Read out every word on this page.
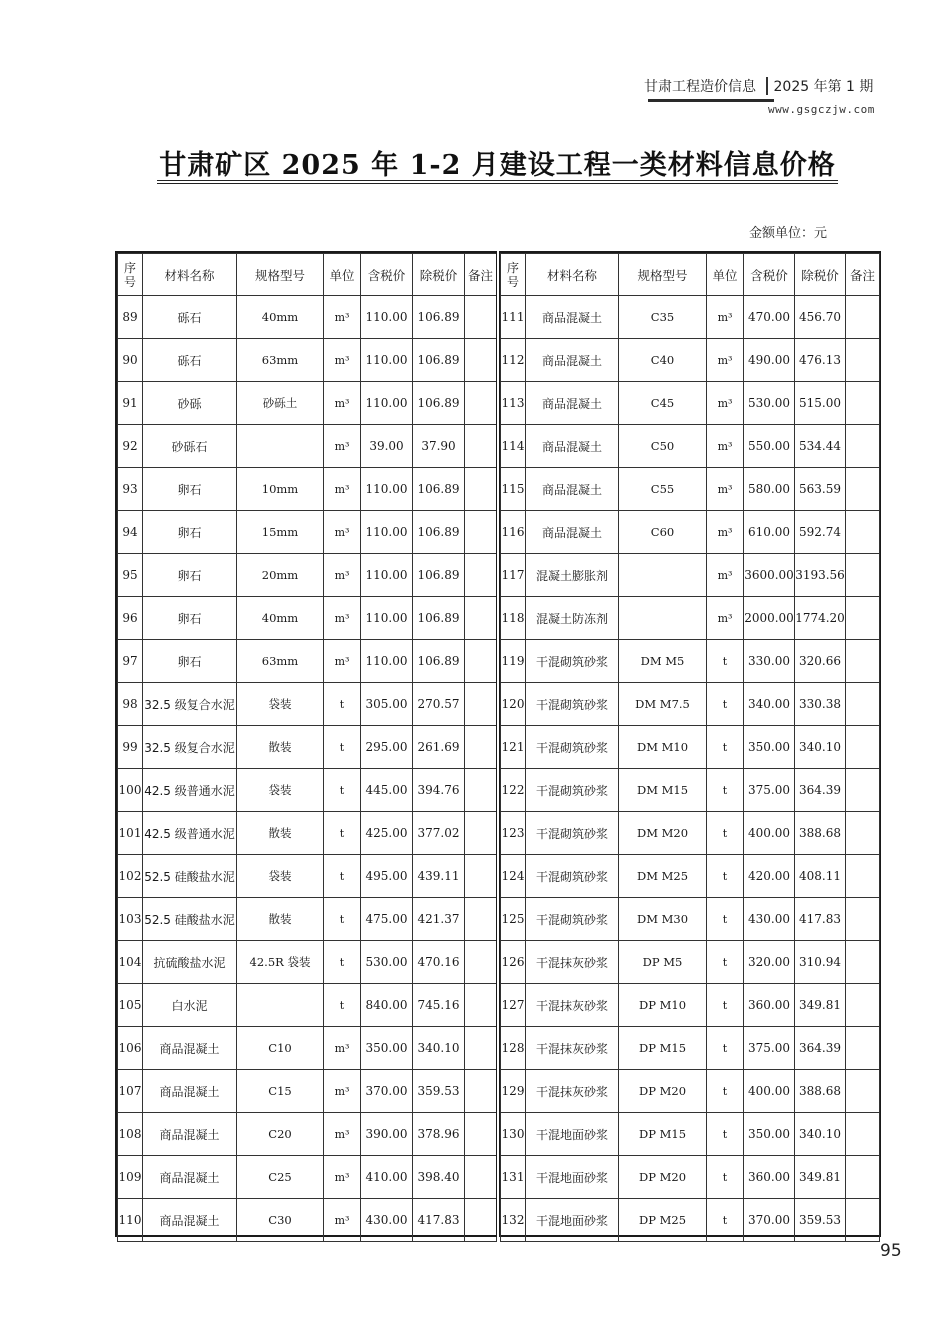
甘肃工程造价信息 2025 年第 1 期
www.gsgczjw.com
甘肃矿区 2025 年 1-2 月建设工程一类材料信息价格
金额单位：元
序
号	材料名称	规格型号	单位	含税价	除税价	备注
89	砾石	40mm	m³	110.00	106.89	
90	砾石	63mm	m³	110.00	106.89	
91	砂砾	砂砾土	m³	110.00	106.89	
92	砂砾石		m³	39.00	37.90	
93	卵石	10mm	m³	110.00	106.89	
94	卵石	15mm	m³	110.00	106.89	
95	卵石	20mm	m³	110.00	106.89	
96	卵石	40mm	m³	110.00	106.89	
97	卵石	63mm	m³	110.00	106.89	
98	32.5 级复合水泥	袋装	t	305.00	270.57	
99	32.5 级复合水泥	散装	t	295.00	261.69	
100	42.5 级普通水泥	袋装	t	445.00	394.76	
101	42.5 级普通水泥	散装	t	425.00	377.02	
102	52.5 硅酸盐水泥	袋装	t	495.00	439.11	
103	52.5 硅酸盐水泥	散装	t	475.00	421.37	
104	抗硫酸盐水泥	42.5R 袋装	t	530.00	470.16	
105	白水泥		t	840.00	745.16	
106	商品混凝土	C10	m³	350.00	340.10	
107	商品混凝土	C15	m³	370.00	359.53	
108	商品混凝土	C20	m³	390.00	378.96	
109	商品混凝土	C25	m³	410.00	398.40	
110	商品混凝土	C30	m³	430.00	417.83	
序
号	材料名称	规格型号	单位	含税价	除税价	备注
111	商品混凝土	C35	m³	470.00	456.70	
112	商品混凝土	C40	m³	490.00	476.13	
113	商品混凝土	C45	m³	530.00	515.00	
114	商品混凝土	C50	m³	550.00	534.44	
115	商品混凝土	C55	m³	580.00	563.59	
116	商品混凝土	C60	m³	610.00	592.74	
117	混凝土膨胀剂		m³	3600.00	3193.56	
118	混凝土防冻剂		m³	2000.00	1774.20	
119	干混砌筑砂浆	DM M5	t	330.00	320.66	
120	干混砌筑砂浆	DM M7.5	t	340.00	330.38	
121	干混砌筑砂浆	DM M10	t	350.00	340.10	
122	干混砌筑砂浆	DM M15	t	375.00	364.39	
123	干混砌筑砂浆	DM M20	t	400.00	388.68	
124	干混砌筑砂浆	DM M25	t	420.00	408.11	
125	干混砌筑砂浆	DM M30	t	430.00	417.83	
126	干混抹灰砂浆	DP M5	t	320.00	310.94	
127	干混抹灰砂浆	DP M10	t	360.00	349.81	
128	干混抹灰砂浆	DP M15	t	375.00	364.39	
129	干混抹灰砂浆	DP M20	t	400.00	388.68	
130	干混地面砂浆	DP M15	t	350.00	340.10	
131	干混地面砂浆	DP M20	t	360.00	349.81	
132	干混地面砂浆	DP M25	t	370.00	359.53	
95
